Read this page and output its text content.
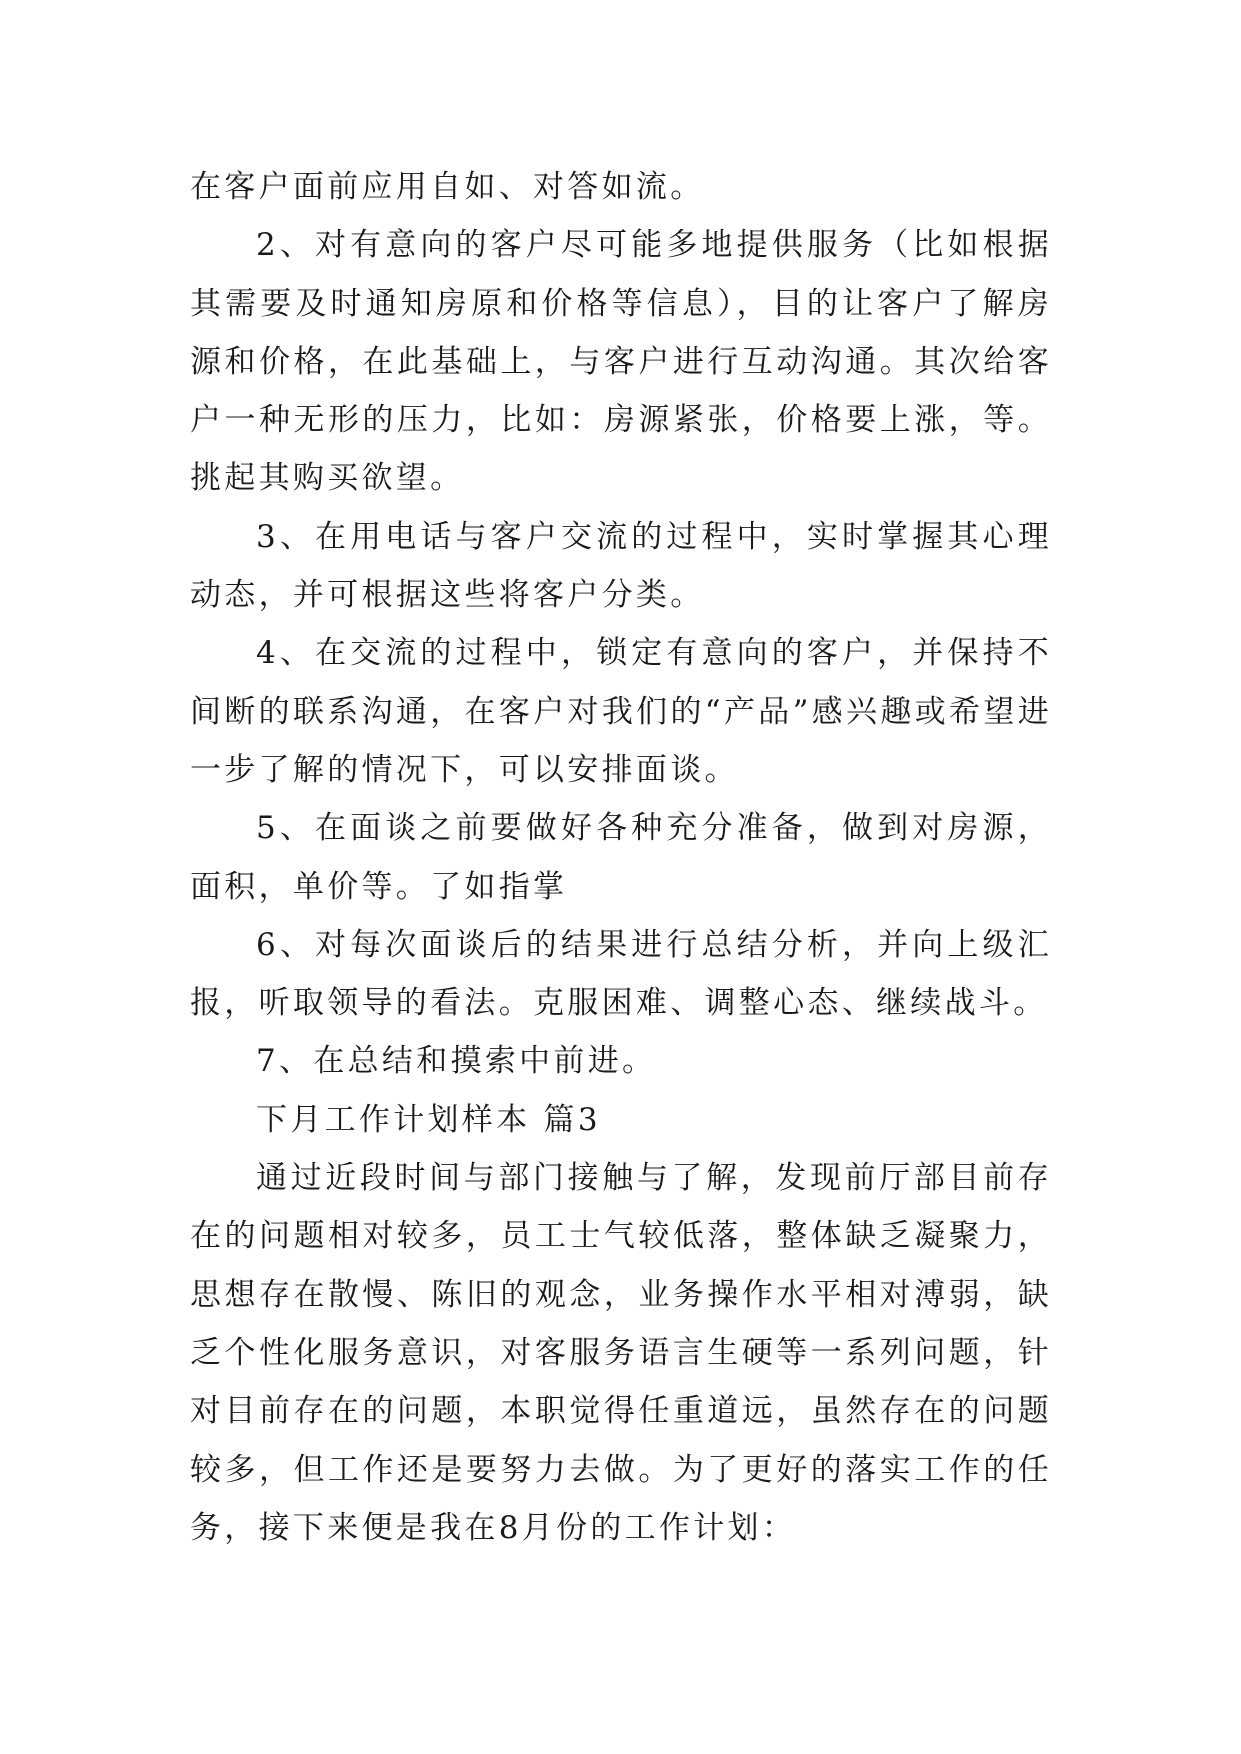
在客户面前应用自如、对答如流。

2、对有意向的客户尽可能多地提供服务（比如根据其需要及时通知房原和价格等信息），目的让客户了解房源和价格，在此基础上，与客户进行互动沟通。其次给客户一种无形的压力，比如：房源紧张，价格要上涨，等。挑起其购买欲望。

3、在用电话与客户交流的过程中，实时掌握其心理动态，并可根据这些将客户分类。

4、在交流的过程中，锁定有意向的客户，并保持不间断的联系沟通，在客户对我们的“产品”感兴趣或希望进一步了解的情况下，可以安排面谈。

5、在面谈之前要做好各种充分准备，做到对房源，面积，单价等。了如指掌

6、对每次面谈后的结果进行总结分析，并向上级汇报，听取领导的看法。克服困难、调整心态、继续战斗。

7、在总结和摸索中前进。

下月工作计划样本 篇3

通过近段时间与部门接触与了解，发现前厅部目前存在的问题相对较多，员工士气较低落，整体缺乏凝聚力，思想存在散慢、陈旧的观念，业务操作水平相对溥弱，缺乏个性化服务意识，对客服务语言生硬等一系列问题，针对目前存在的问题，本职觉得任重道远，虽然存在的问题较多，但工作还是要努力去做。为了更好的落实工作的任务，接下来便是我在8月份的工作计划：
